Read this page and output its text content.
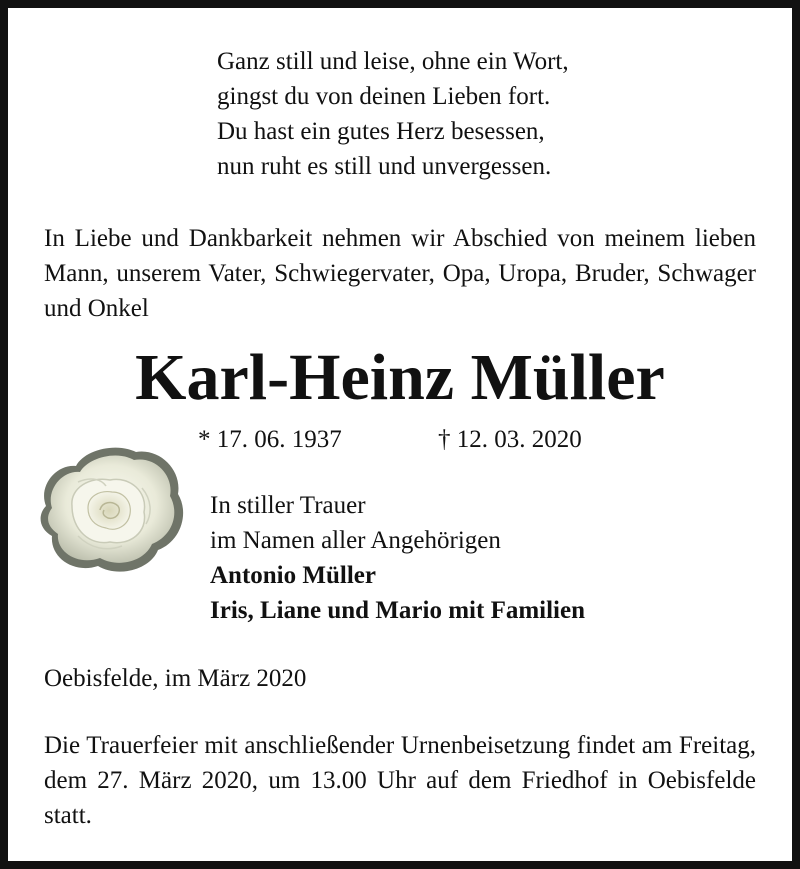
Ganz still und leise, ohne ein Wort,
gingst du von deinen Lieben fort.
Du hast ein gutes Herz besessen,
nun ruht es still und unvergessen.
In Liebe und Dankbarkeit nehmen wir Abschied von meinem lieben Mann, unserem Vater, Schwiegervater, Opa, Uropa, Bruder, Schwager und Onkel
Karl-Heinz Müller
* 17. 06. 1937	† 12. 03. 2020
In stiller Trauer
im Namen aller Angehörigen
Antonio Müller
Iris, Liane und Mario mit Familien
Oebisfelde, im März 2020
Die Trauerfeier mit anschließender Urnenbeisetzung findet am Freitag, dem 27. März 2020, um 13.00 Uhr auf dem Friedhof in Oebisfelde statt.
